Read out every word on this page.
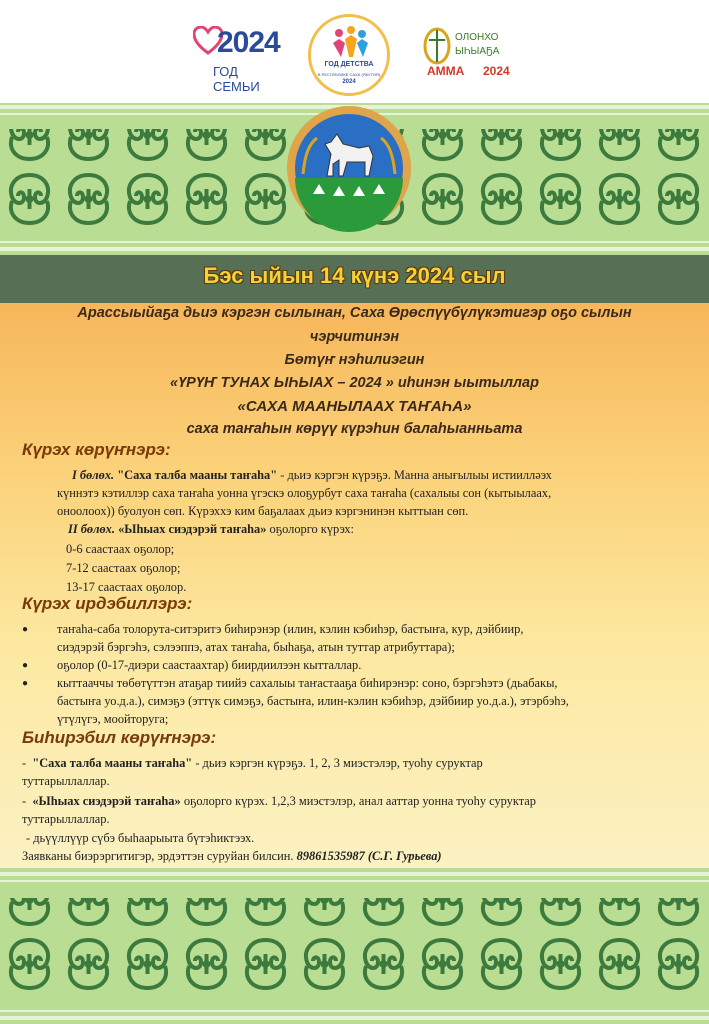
2024
ГОД СЕМЬИ
ГОД ДЕТСТВА
В РЕСПУБЛИКЕ САХА (ЯКУТИЯ)
2024
ОЛОНХО
ЫҺЫАҔА
АММА 2024
Бэс ыйын 14 күнэ 2024 сыл
Арассыыйаҕа дьиэ кэргэн сылынан, Саха Өрөспүүбүлүкэтигэр оҕо сылын
чэрчитинэн
Бөтүҥ нэһилиэгин
«ҮРҮҤ ТУНАХ ЫҺЫАХ – 2024 » иһинэн ыытыллар
«САХА МААНЫЛААХ ТАҤАҺА»
саха таҥаһын көрүү күрэһин балаһыанньата
Күрэх көрүҥнэрэ:
I бөлөх. "Саха талба мааны таҥаһа" - дьиэ кэргэн күрэҕэ. Манна анығылыы истиилләэх
күннэтэ кэтиллэр саха таҥаһа уонна үгэскэ олоҕурбут саха таҥаһа (сахалыы сон (кытыылаах,
оноолоох)) буолуон сөп. Күрэххэ ким баҕалаах дьиэ кэргэнинэн кыттыан сөп.
II бөлөх. «Ыһыах сиэдэрэй таҥаһа» оҕолорго күрэх:
0-6 саастаах оҕолор;
7-12 саастаах оҕолор;
13-17 саастаах оҕолор.
Күрэх ирдэбиллэрэ:
● таҥаһа-саба толорута-ситэритэ биһирэнэр (илин, кэлин кэбиһэр, бастыҥа, кур, дэйбиир,
сиэдэрэй бэргэһэ, сэлээппэ, атах таҥаһа, быһаҕа, атын туттар атрибуттара);
● оҕолор (0-17-диэри саастаахтар) биирдиилээн кытталлар.
● кыттааччы төбөтүттэн атаҕар тиийэ сахалыы таҥастааҕа биһирэнэр: соно, бэргэһэтэ (дьабакы,
бастыҥа уо.д.а.), симэҕэ (эттүк симэҕэ, бастыҥа, илин-кэлин кэбиһэр, дэйбиир уо.д.а.), этэрбэһэ,
үтүлүгэ, моойторуга;
Биһирэбил көрүҥнэрэ:
- "Саха талба мааны таҥаһа" - дьиэ кэргэн күрэҕэ. 1, 2, 3 миэстэлэр, туоһу суруктар
туттарыллаллар.
- «Ыһыах сиэдэрэй таҥаһа» оҕолорго күрэх. 1,2,3 миэстэлэр, анал ааттар уонна туоһу суруктар
туттарыллаллар.
- дьүүллүүр сүбэ быһаарыыта бүтэһиктээх.
Заявканы биэрэргитигэр, эрдэттэн суруйан билсин. 89861535987 (С.Г. Гурьева)
